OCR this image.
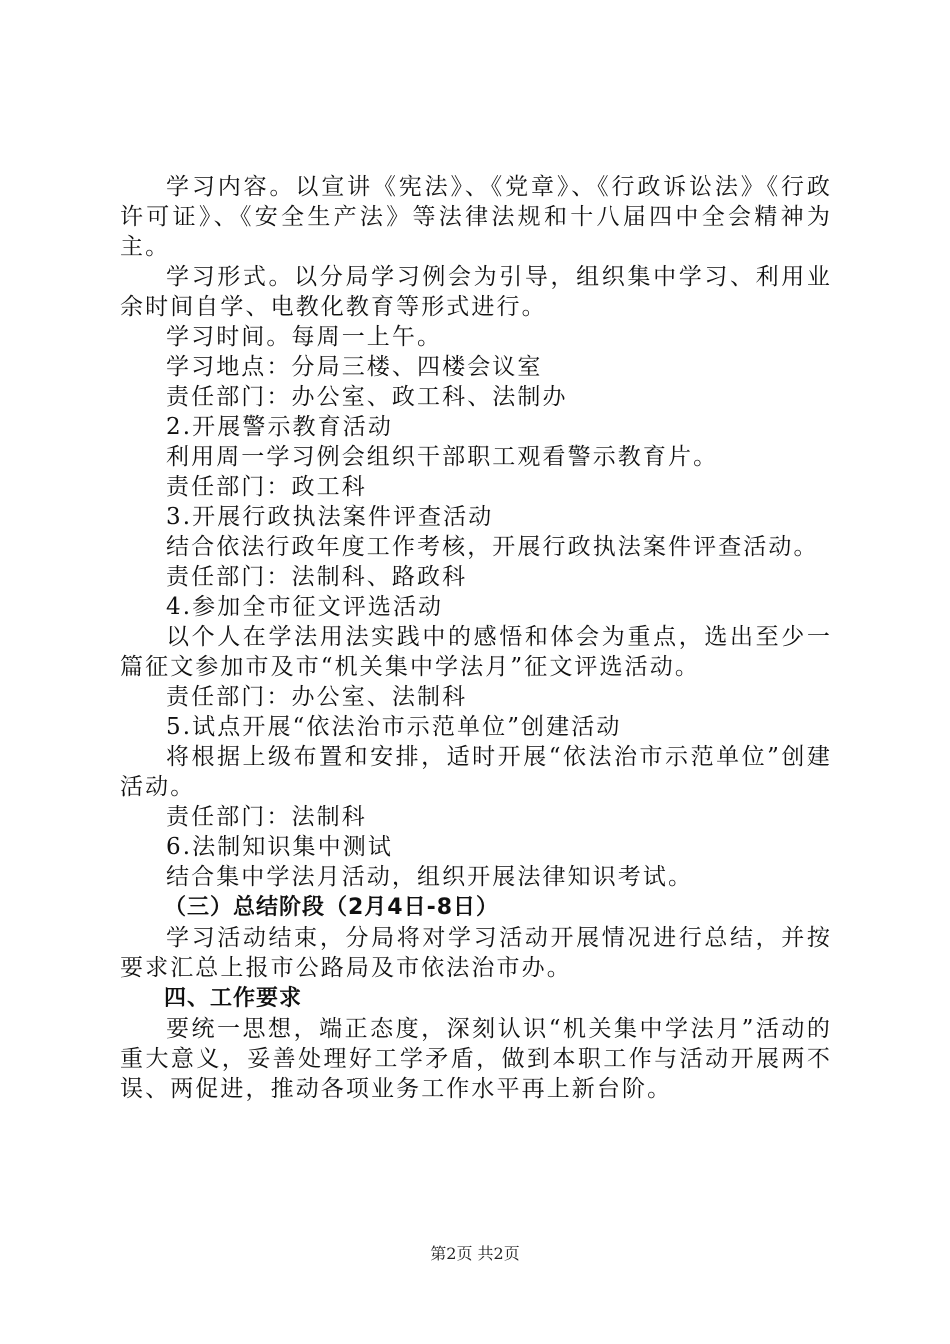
学习内容。以宣讲《宪法》、《党章》、《行政诉讼法》《行政许可证》、《安全生产法》等法律法规和十八届四中全会精神为主。

学习形式。以分局学习例会为引导，组织集中学习、利用业余时间自学、电教化教育等形式进行。

学习时间。每周一上午。

学习地点：分局三楼、四楼会议室

责任部门：办公室、政工科、法制办

2.开展警示教育活动

利用周一学习例会组织干部职工观看警示教育片。

责任部门：政工科

3.开展行政执法案件评查活动

结合依法行政年度工作考核，开展行政执法案件评查活动。

责任部门：法制科、路政科

4.参加全市征文评选活动

以个人在学法用法实践中的感悟和体会为重点，选出至少一篇征文参加市及市“机关集中学法月”征文评选活动。

责任部门：办公室、法制科

5.试点开展“依法治市示范单位”创建活动

将根据上级布置和安排，适时开展“依法治市示范单位”创建活动。

责任部门：法制科

6.法制知识集中测试

结合集中学法月活动，组织开展法律知识考试。

（三）总结阶段（2月4日-8日）

学习活动结束，分局将对学习活动开展情况进行总结，并按要求汇总上报市公路局及市依法治市办。

四、工作要求

要统一思想，端正态度，深刻认识“机关集中学法月”活动的重大意义，妥善处理好工学矛盾，做到本职工作与活动开展两不误、两促进，推动各项业务工作水平再上新台阶。

第2页 共2页
